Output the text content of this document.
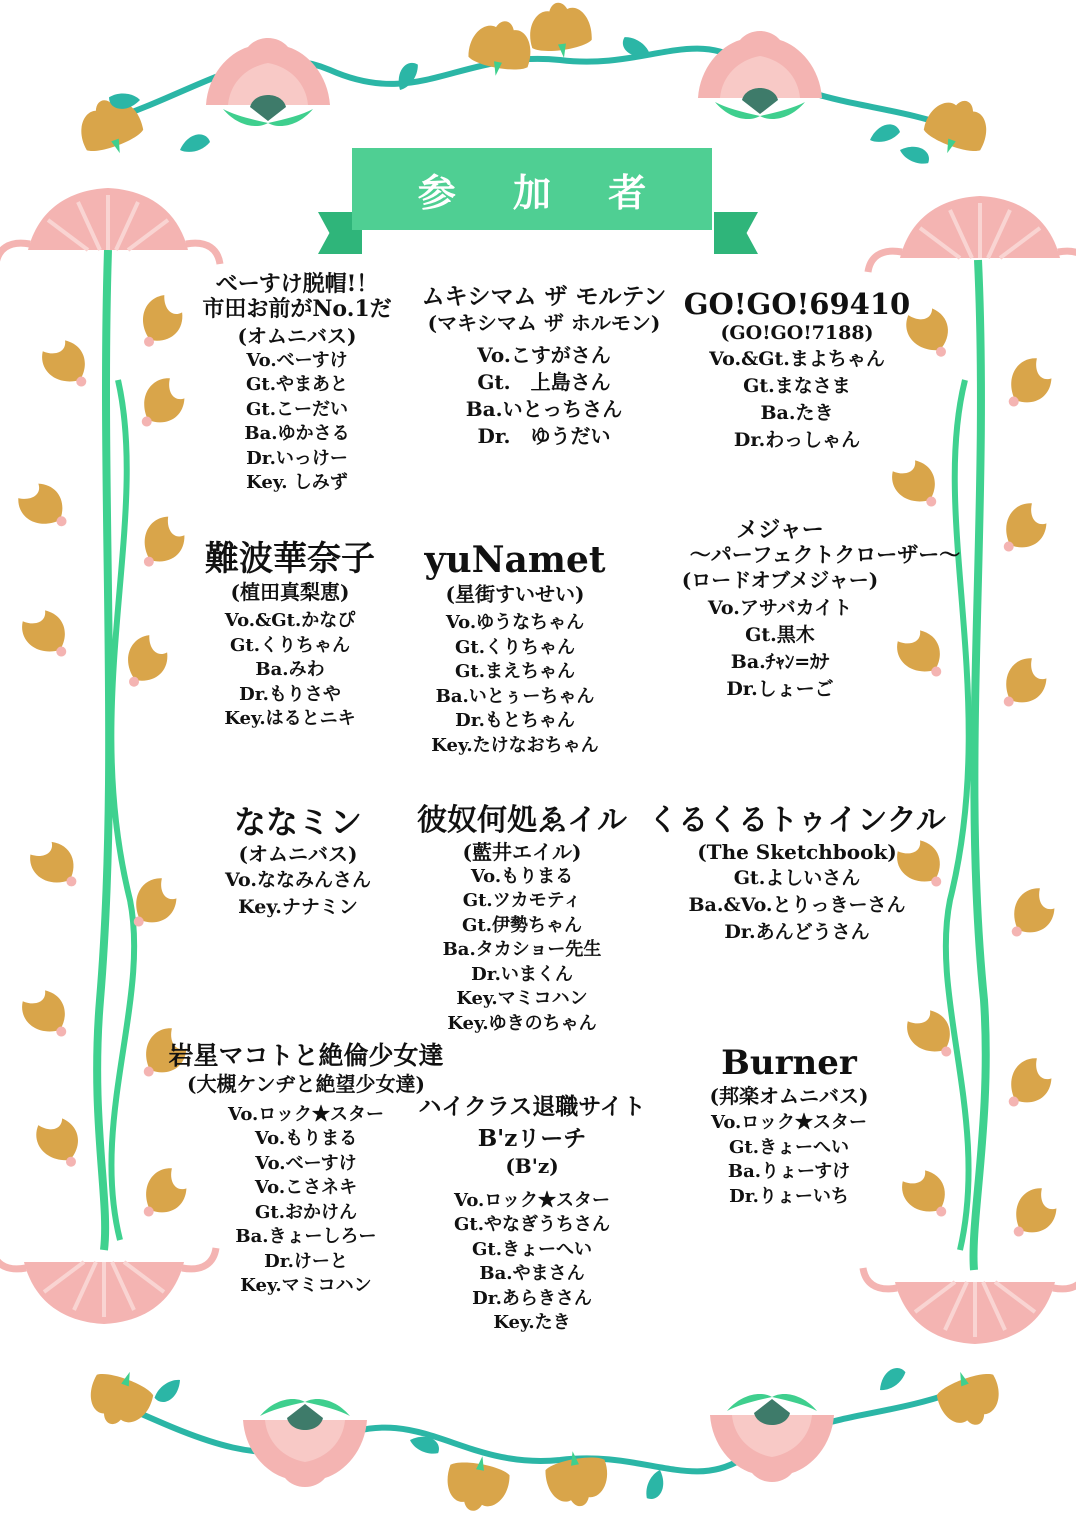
参 加 者
べーすけ脱帽!！
市田お前がNo.1だ
(オムニバス)
Vo.べーすけ
Gt.やまあと
Gt.こーだい
Ba.ゆかさる
Dr.いっけー
Key. しみず
ムキシマム ザ モルテン
(マキシマム ザ ホルモン)
Vo.こすがさん
Gt.　上島さん
Ba.いとっちさん
Dr.　ゆうだい
GO!GO!69410
(GO!GO!7188)
Vo.&Gt.まよちゃん
Gt.まなさま
Ba.たき
Dr.わっしゃん
難波華奈子
(植田真梨恵)
Vo.&Gt.かなぴ
Gt.くりちゃん
Ba.みわ
Dr.もりさや
Key.はるとニキ
yuNamet
(星街すいせい)
Vo.ゆうなちゃん
Gt.くりちゃん
Gt.まえちゃん
Ba.いとぅーちゃん
Dr.もとちゃん
Key.たけなおちゃん
メジャー
～パーフェクトクローザー～
(ロードオブメジャー)
Vo.アサバカイト
Gt.黒木
Ba.ﾁｬﾝ=ｶﾅ
Dr.しょーご
ななミン
(オムニバス)
Vo.ななみんさん
Key.ナナミン
彼奴何処ゑイル
(藍井エイル)
Vo.もりまる
Gt.ツカモティ
Gt.伊勢ちゃん
Ba.タカショー先生
Dr.いまくん
Key.マミコハン
Key.ゆきのちゃん
くるくるトゥインクル
(The Sketchbook)
Gt.よしいさん
Ba.&Vo.とりっきーさん
Dr.あんどうさん
岩星マコトと絶倫少女達
(大槻ケンヂと絶望少女達)
Vo.ロック★スター
Vo.もりまる
Vo.べーすけ
Vo.こさネキ
Gt.おかけん
Ba.きょーしろー
Dr.けーと
Key.マミコハン
ハイクラス退職サイト
B'zリーチ
(B'z)
Vo.ロック★スター
Gt.やなぎうちさん
Gt.きょーへい
Ba.やまさん
Dr.あらきさん
Key.たき
Burner
(邦楽オムニバス)
Vo.ロック★スター
Gt.きょーへい
Ba.りょーすけ
Dr.りょーいち
